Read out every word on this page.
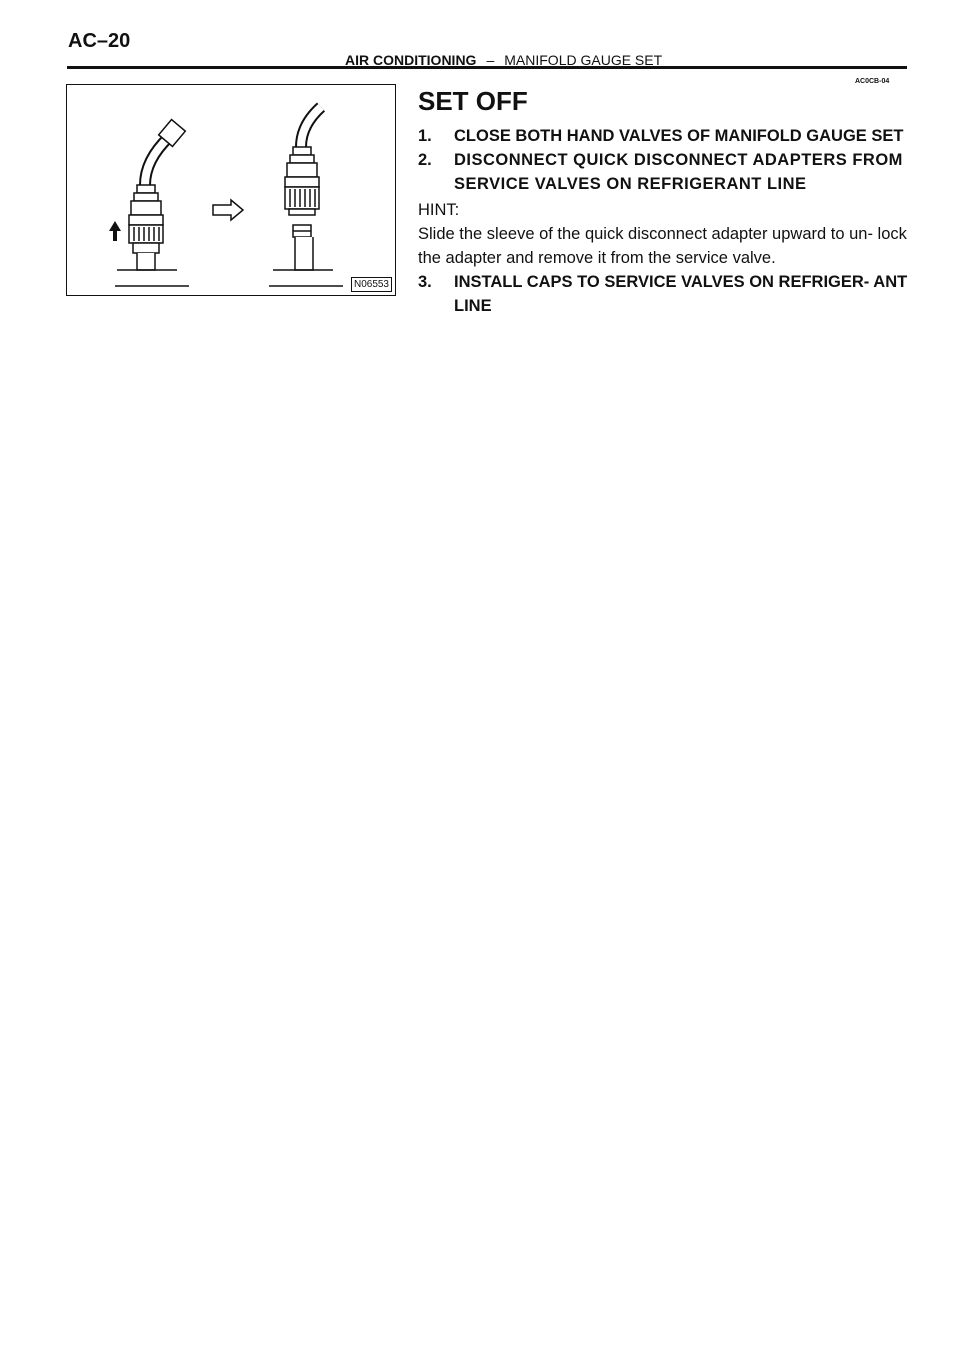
AC–20
AIR CONDITIONING – MANIFOLD GAUGE SET
AC0CB-04
N06553
SET OFF
1.	CLOSE BOTH HAND VALVES OF MANIFOLD GAUGE SET
2.	DISCONNECT QUICK DISCONNECT ADAPTERS FROM SERVICE VALVES ON REFRIGERANT LINE
HINT:
Slide the sleeve of the quick disconnect adapter upward to un- lock the adapter and remove it from the service valve.
3.	INSTALL CAPS TO SERVICE VALVES ON REFRIGER- ANT LINE
